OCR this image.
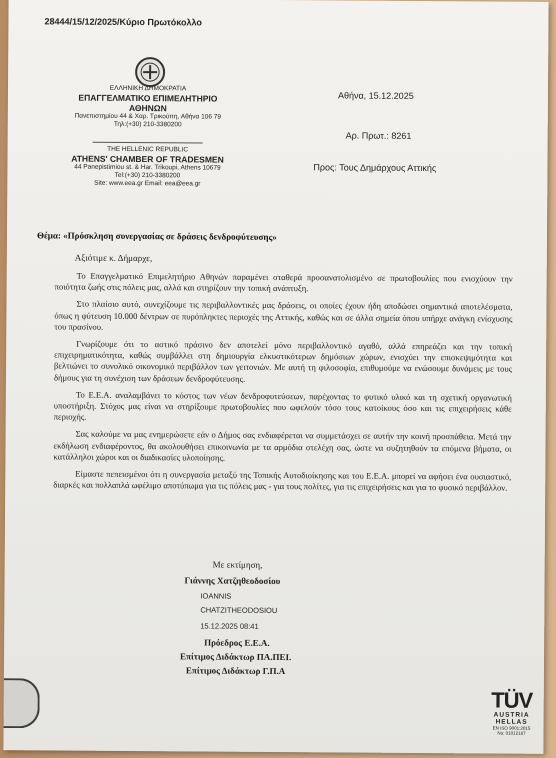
28444/15/12/2025/Κύριο Πρωτόκολλο
ΕΛΛΗΝΙΚΗ ΔΗΜΟΚΡΑΤΙΑ
ΕΠΑΓΓΕΛΜΑΤΙΚΟ ΕΠΙΜΕΛΗΤΗΡΙΟ
ΑΘΗΝΩΝ
Πανεπιστημίου 44 & Χαρ. Τρικούπη, Αθήνα 106 79
Τηλ:(+30) 210-3380200
THE HELLENIC REPUBLIC
ATHENS' CHAMBER OF TRADESMEN
44 Panepistimiou st. & Har. Trikoupi, Athens 10679
Tel:(+30) 210-3380200
Site: www.eea.gr Email: eea@eea.gr
Αθήνα, 15.12.2025
Αρ. Πρωτ.: 8261
Προς: Τους Δημάρχους Αττικής
Θέμα: «Πρόσκληση συνεργασίας σε δράσεις δενδροφύτευσης»
Αξιότιμε κ. Δήμαρχε,

Το Επαγγελματικό Επιμελητήριο Αθηνών παραμένει σταθερά προσανατολισμένο σε πρωτοβουλίες που ενισχύουν την ποιότητα ζωής στις πόλεις μας, αλλά και στηρίζουν την τοπική ανάπτυξη.

Στο πλαίσιο αυτό, συνεχίζουμε τις περιβαλλοντικές μας δράσεις, οι οποίες έχουν ήδη αποδώσει σημαντικά αποτελέσματα, όπως η φύτευση 10.000 δέντρων σε πυρόπληκτες περιοχές της Αττικής, καθώς και σε άλλα σημεία όπου υπήρχε ανάγκη ενίσχυσης του πρασίνου.

Γνωρίζουμε ότι το αστικό πράσινο δεν αποτελεί μόνο περιβαλλοντικό αγαθό, αλλά επηρεάζει και την τοπική επιχειρηματικότητα, καθώς συμβάλλει στη δημιουργία ελκυστικότερων δημόσιων χώρων, ενισχύει την επισκεψιμότητα και βελτιώνει το συνολικό οικονομικό περιβάλλον των γειτονιών. Με αυτή τη φιλοσοφία, επιθυμούμε να ενώσουμε δυνάμεις με τους δήμους για τη συνέχιση των δράσεων δενδροφύτευσης.

Το Ε.Ε.Α. αναλαμβάνει το κόστος των νέων δενδροφυτεύσεων, παρέχοντας το φυτικό υλικό και τη σχετική οργανωτική υποστήριξη. Στόχος μας είναι να στηρίξουμε πρωτοβουλίες που ωφελούν τόσο τους κατοίκους όσο και τις επιχειρήσεις κάθε περιοχής.

Σας καλούμε να μας ενημερώσετε εάν ο Δήμος σας ενδιαφέρεται να συμμετάσχει σε αυτήν την κοινή προσπάθεια. Μετά την εκδήλωση ενδιαφέροντος, θα ακολουθήσει επικοινωνία με τα αρμόδια στελέχη σας, ώστε να συζητηθούν τα επόμενα βήματα, οι κατάλληλοι χώροι και οι διαδικασίες υλοποίησης.

Είμαστε πεπεισμένοι ότι η συνεργασία μεταξύ της Τοπικής Αυτοδιοίκησης και του Ε.Ε.Α. μπορεί να αφήσει ένα ουσιαστικό, διαρκές και πολλαπλά ωφέλιμο αποτύπωμα για τις πόλεις μας - για τους πολίτες, για τις επιχειρήσεις και για το φυσικό περιβάλλον.

Με εκτίμηση,
Γιάννης Χατζηθεοδοσίου
IOANNIS
CHATZITHEODOSIOU
15.12.2025 08:41
Πρόεδρος Ε.Ε.Α.
Επίτιμος Διδάκτωρ ΠΑ.ΠΕΙ.
Επίτιμος Διδάκτωρ Γ.Π.Α
TÜV
AUSTRIA HELLAS
EN ISO 9001:2015
No: 01012187
